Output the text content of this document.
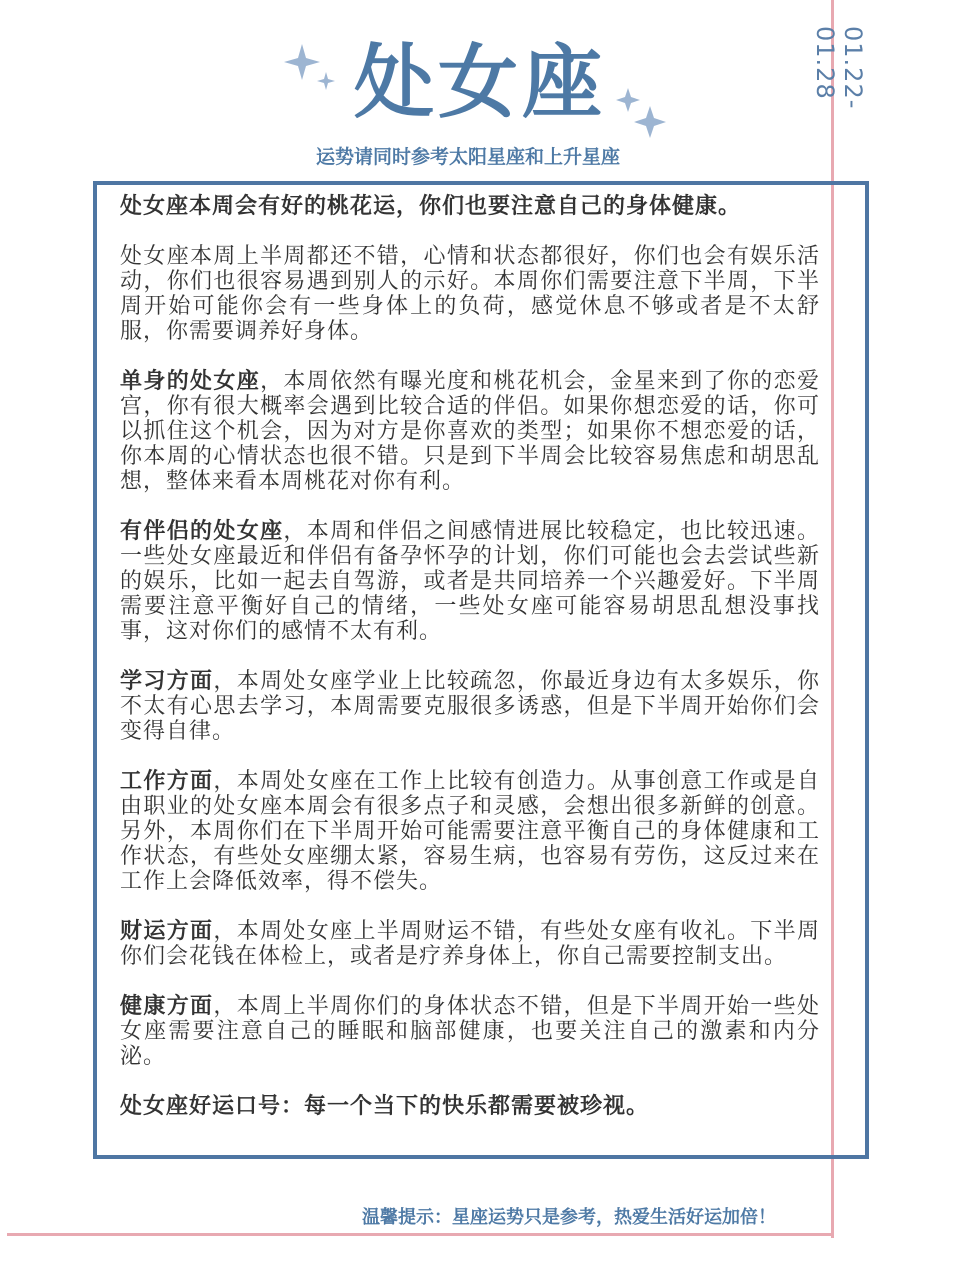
01.22-01.28
处女座
运势请同时参考太阳星座和上升星座

处女座本周会有好的桃花运，你们也要注意自己的身体健康。

处女座本周上半周都还不错，心情和状态都很好，你们也会有娱乐活动，你们也很容易遇到别人的示好。本周你们需要注意下半周，下半周开始可能你会有一些身体上的负荷，感觉休息不够或者是不太舒服，你需要调养好身体。

单身的处女座，本周依然有曝光度和桃花机会，金星来到了你的恋爱宫，你有很大概率会遇到比较合适的伴侣。如果你想恋爱的话，你可以抓住这个机会，因为对方是你喜欢的类型；如果你不想恋爱的话，你本周的心情状态也很不错。只是到下半周会比较容易焦虑和胡思乱想，整体来看本周桃花对你有利。

有伴侣的处女座，本周和伴侣之间感情进展比较稳定，也比较迅速。一些处女座最近和伴侣有备孕怀孕的计划，你们可能也会去尝试些新的娱乐，比如一起去自驾游，或者是共同培养一个兴趣爱好。下半周需要注意平衡好自己的情绪，一些处女座可能容易胡思乱想没事找事，这对你们的感情不太有利。

学习方面，本周处女座学业上比较疏忽，你最近身边有太多娱乐，你不太有心思去学习，本周需要克服很多诱惑，但是下半周开始你们会变得自律。

工作方面，本周处女座在工作上比较有创造力。从事创意工作或是自由职业的处女座本周会有很多点子和灵感，会想出很多新鲜的创意。另外，本周你们在下半周开始可能需要注意平衡自己的身体健康和工作状态，有些处女座绷太紧，容易生病，也容易有劳伤，这反过来在工作上会降低效率，得不偿失。

财运方面，本周处女座上半周财运不错，有些处女座有收礼。下半周你们会花钱在体检上，或者是疗养身体上，你自己需要控制支出。

健康方面，本周上半周你们的身体状态不错，但是下半周开始一些处女座需要注意自己的睡眠和脑部健康，也要关注自己的激素和内分泌。

处女座好运口号：每一个当下的快乐都需要被珍视。

温馨提示：星座运势只是参考，热爱生活好运加倍！
